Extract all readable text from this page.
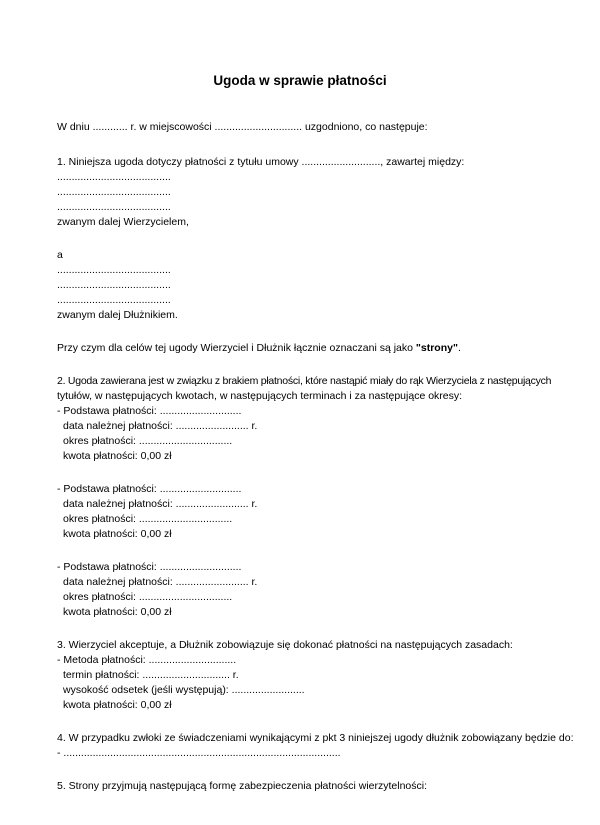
Ugoda w sprawie płatności
W dniu ............ r. w miejscowości .............................. uzgodniono, co następuje:
1. Niniejsza ugoda dotyczy płatności z tytułu umowy ..........................., zawartej między:
.......................................
.......................................
.......................................
zwanym dalej Wierzycielem,
a
.......................................
.......................................
.......................................
zwanym dalej Dłużnikiem.
Przy czym dla celów tej ugody Wierzyciel i Dłużnik łącznie oznaczani są jako "strony".
2. Ugoda zawierana jest w związku z brakiem płatności, które nastąpić miały do rąk Wierzyciela z następujących
tytułów, w następujących kwotach, w następujących terminach i za następujące okresy:
- Podstawa płatności: ............................
data należnej płatności: ......................... r.
okres płatności: ................................
kwota płatności: 0,00 zł
- Podstawa płatności: ............................
data należnej płatności: ......................... r.
okres płatności: ................................
kwota płatności: 0,00 zł
- Podstawa płatności: ............................
data należnej płatności: ......................... r.
okres płatności: ................................
kwota płatności: 0,00 zł
3. Wierzyciel akceptuje, a Dłużnik zobowiązuje się dokonać płatności na następujących zasadach:
- Metoda płatności: ..............................
termin płatności: .............................. r.
wysokość odsetek (jeśli występują): .........................
kwota płatności: 0,00 zł
4. W przypadku zwłoki ze świadczeniami wynikającymi z pkt 3 niniejszej ugody dłużnik zobowiązany będzie do:
- ...............................................................................................
5. Strony przyjmują następującą formę zabezpieczenia płatności wierzytelności:
